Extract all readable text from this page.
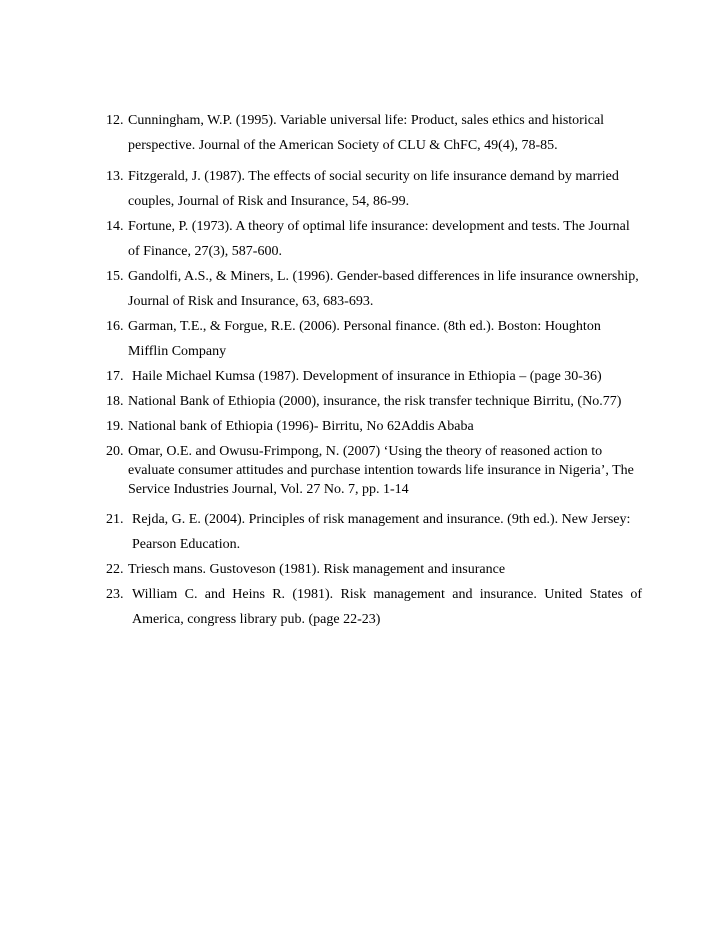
12. Cunningham, W.P. (1995). Variable universal life: Product, sales ethics and historical perspective. Journal of the American Society of CLU & ChFC, 49(4), 78-85.
13. Fitzgerald, J. (1987). The effects of social security on life insurance demand by married couples, Journal of Risk and Insurance, 54, 86-99.
14. Fortune, P. (1973). A theory of optimal life insurance: development and tests. The Journal of Finance, 27(3), 587-600.
15. Gandolfi, A.S., & Miners, L. (1996). Gender-based differences in life insurance ownership, Journal of Risk and Insurance, 63, 683-693.
16. Garman, T.E., & Forgue, R.E. (2006). Personal finance. (8th ed.). Boston: Houghton Mifflin Company
17. Haile Michael Kumsa (1987). Development of insurance in Ethiopia – (page 30-36)
18. National Bank of Ethiopia (2000), insurance, the risk transfer technique Birritu, (No.77)
19. National bank of Ethiopia (1996)- Birritu, No 62Addis Ababa
20. Omar, O.E. and Owusu-Frimpong, N. (2007) ‘Using the theory of reasoned action to evaluate consumer attitudes and purchase intention towards life insurance in Nigeria’, The Service Industries Journal, Vol. 27 No. 7, pp. 1-14
21. Rejda, G. E. (2004). Principles of risk management and insurance. (9th ed.). New Jersey: Pearson Education.
22. Triesch mans. Gustoveson (1981). Risk management and insurance
23. William C. and Heins R. (1981). Risk management and insurance. United States of America, congress library pub. (page 22-23)
